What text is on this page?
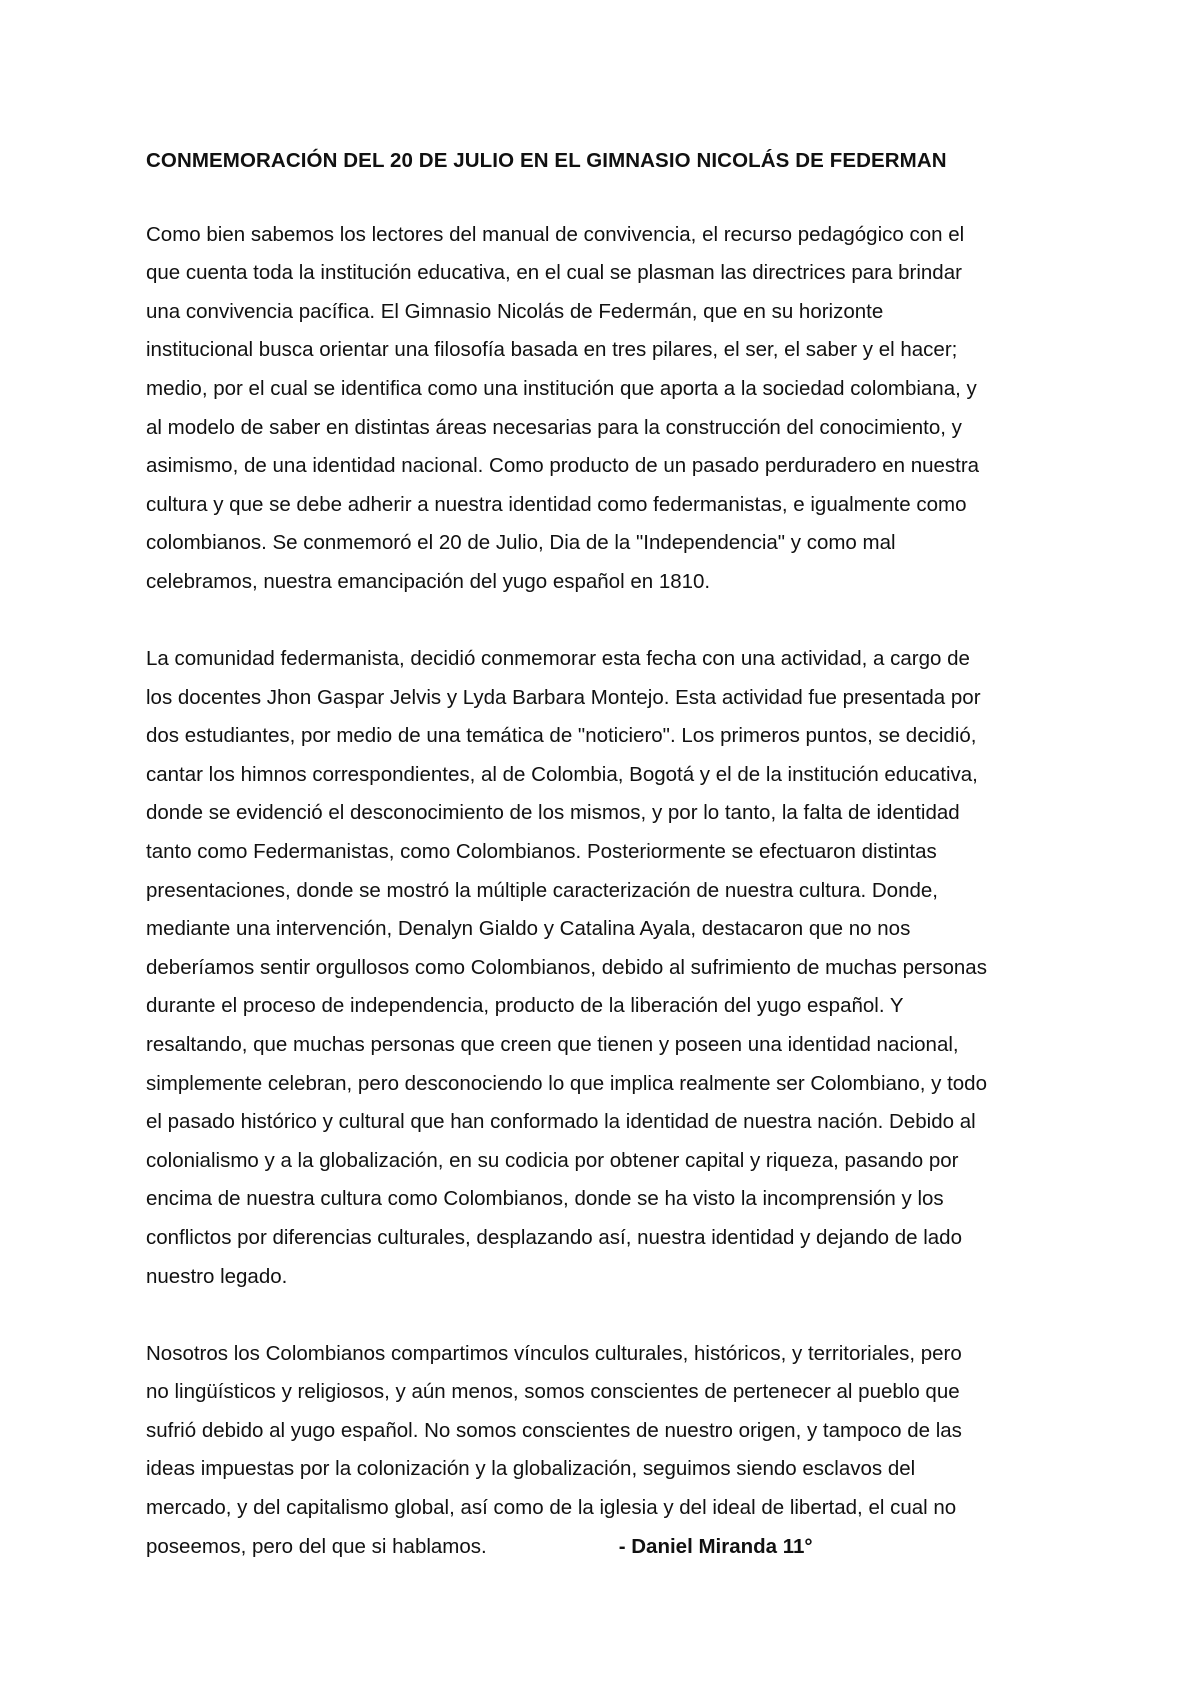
CONMEMORACIÓN DEL 20 DE JULIO EN EL GIMNASIO NICOLÁS DE FEDERMAN

Como bien sabemos los lectores del manual de convivencia, el recurso pedagógico con el
que cuenta toda la institución educativa, en el cual se plasman las directrices para brindar
una convivencia pacífica. El Gimnasio Nicolás de Federmán, que en su horizonte
institucional busca orientar una filosofía basada en tres pilares, el ser, el saber y el hacer;
medio, por el cual se identifica como una institución que aporta a la sociedad colombiana, y
al modelo de saber en distintas áreas necesarias para la construcción del conocimiento, y
asimismo, de una identidad nacional. Como producto de un pasado perduradero en nuestra
cultura y que se debe adherir a nuestra identidad como federmanistas, e igualmente como
colombianos. Se conmemoró el 20 de Julio, Dia de la "Independencia" y como mal
celebramos, nuestra emancipación del yugo español en 1810.

La comunidad federmanista, decidió conmemorar esta fecha con una actividad, a cargo de
los docentes Jhon Gaspar Jelvis y Lyda Barbara Montejo. Esta actividad fue presentada por
dos estudiantes, por medio de una temática de "noticiero". Los primeros puntos, se decidió,
cantar los himnos correspondientes, al de Colombia, Bogotá y el de la institución educativa,
donde se evidenció el desconocimiento de los mismos, y por lo tanto, la falta de identidad
tanto como Federmanistas, como Colombianos. Posteriormente se efectuaron distintas
presentaciones, donde se mostró la múltiple caracterización de nuestra cultura. Donde,
mediante una intervención, Denalyn Gialdo y Catalina Ayala, destacaron que no nos
deberíamos sentir orgullosos como Colombianos, debido al sufrimiento de muchas personas
durante el proceso de independencia, producto de la liberación del yugo español. Y
resaltando, que muchas personas que creen que tienen y poseen una identidad nacional,
simplemente celebran, pero desconociendo lo que implica realmente ser Colombiano, y todo
el pasado histórico y cultural que han conformado la identidad de nuestra nación. Debido al
colonialismo y a la globalización, en su codicia por obtener capital y riqueza, pasando por
encima de nuestra cultura como Colombianos, donde se ha visto la incomprensión y los
conflictos por diferencias culturales, desplazando así, nuestra identidad y dejando de lado
nuestro legado.

Nosotros los Colombianos compartimos vínculos culturales, históricos, y territoriales, pero
no lingüísticos y religiosos, y aún menos, somos conscientes de pertenecer al pueblo que
sufrió debido al yugo español. No somos conscientes de nuestro origen, y tampoco de las
ideas impuestas por la colonización y la globalización, seguimos siendo esclavos del
mercado, y del capitalismo global, así como de la iglesia y del ideal de libertad, el cual no
poseemos, pero del que si hablamos.	- Daniel Miranda 11°
